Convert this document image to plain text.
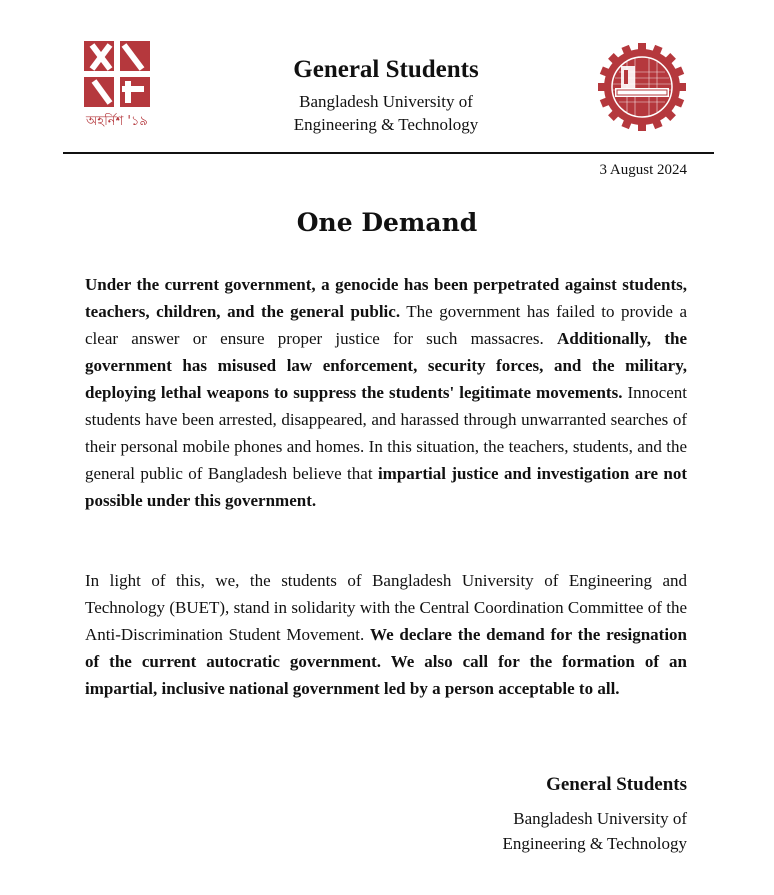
অহর্নিশ '১৯
General Students
Bangladesh University of
Engineering & Technology
3 August 2024
One Demand

Under the current government, a genocide has been perpetrated against students, teachers, children, and the general public. The government has failed to provide a clear answer or ensure proper justice for such massacres. Additionally, the government has misused law enforcement, security forces, and the military, deploying lethal weapons to suppress the students' legitimate movements. Innocent students have been arrested, disappeared, and harassed through unwarranted searches of their personal mobile phones and homes. In this situation, the teachers, students, and the general public of Bangladesh believe that impartial justice and investigation are not possible under this government.

In light of this, we, the students of Bangladesh University of Engineering and Technology (BUET), stand in solidarity with the Central Coordination Committee of the Anti-Discrimination Student Movement. We declare the demand for the resignation of the current autocratic government. We also call for the formation of an impartial, inclusive national government led by a person acceptable to all.

General Students
Bangladesh University of
Engineering & Technology
